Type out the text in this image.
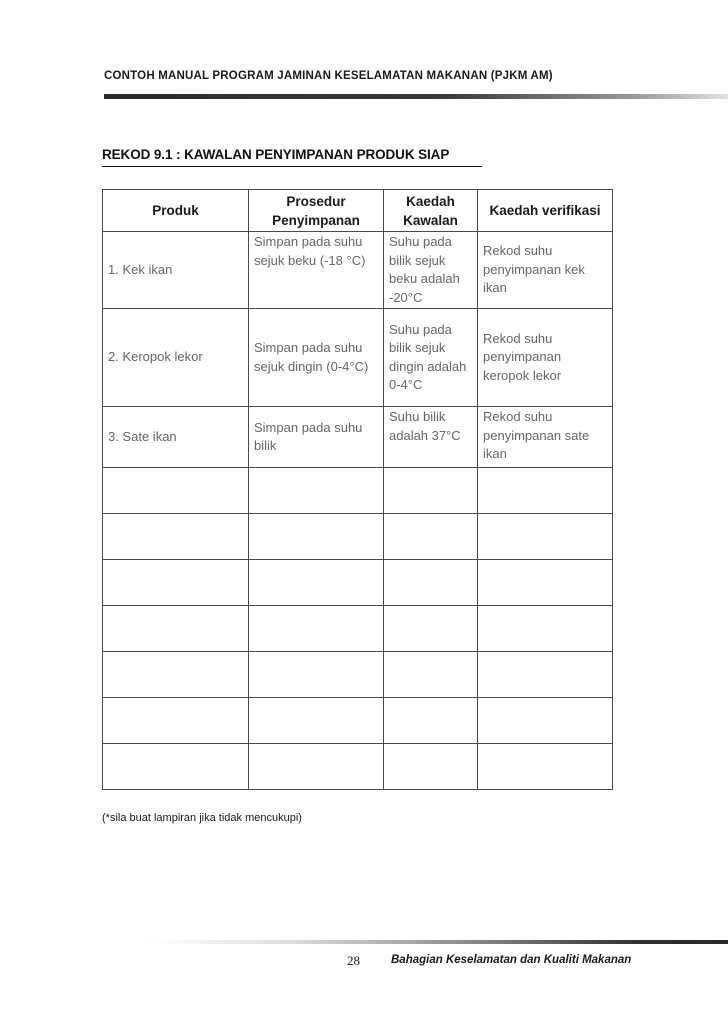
CONTOH MANUAL PROGRAM JAMINAN KESELAMATAN MAKANAN (PJKM AM)
REKOD 9.1 : KAWALAN PENYIMPANAN PRODUK SIAP
Produk	Prosedur Penyimpanan	Kaedah Kawalan	Kaedah verifikasi
1. Kek ikan	Simpan pada suhu sejuk beku (-18 °C)	Suhu pada bilik sejuk beku adalah -20°C	Rekod suhu penyimpanan kek ikan
2. Keropok lekor	Simpan pada suhu sejuk dingin (0-4°C)	Suhu pada bilik sejuk dingin adalah 0-4°C	Rekod suhu penyimpanan keropok lekor
3. Sate ikan	Simpan pada suhu bilik	Suhu bilik adalah 37°C	Rekod suhu penyimpanan sate ikan

(*sila buat lampiran jika tidak mencukupi)
28	Bahagian Keselamatan dan Kualiti Makanan
